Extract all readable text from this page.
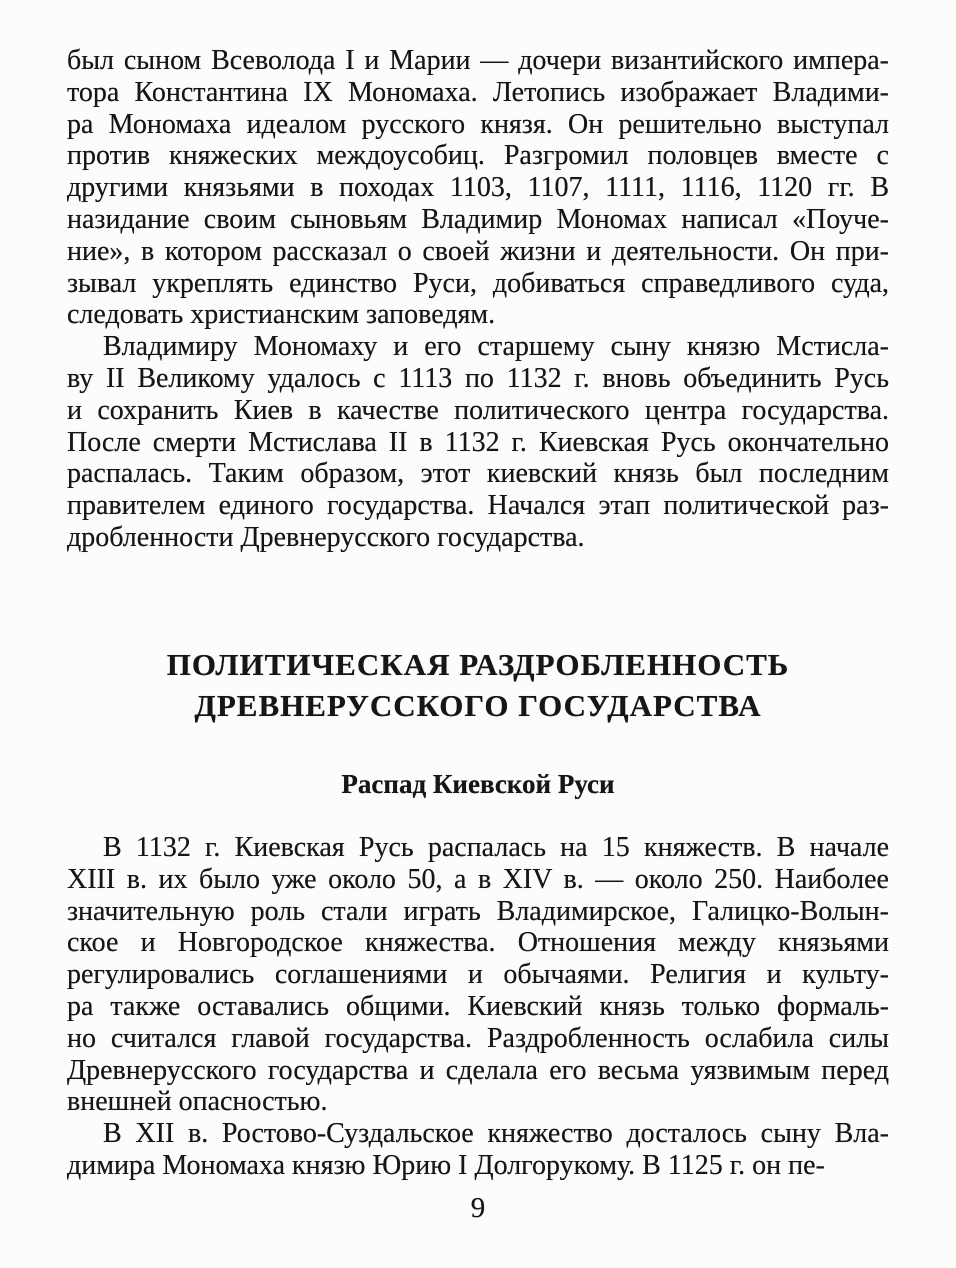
был сыном Всеволода I и Марии — дочери византийского импера-
тора Константина IX Мономаха. Летопись изображает Владими-
ра Мономаха идеалом русского князя. Он решительно выступал
против княжеских междоусобиц. Разгромил половцев вместе с
другими князьями в походах 1103, 1107, 1111, 1116, 1120 гг. В
назидание своим сыновьям Владимир Мономах написал «Поуче-
ние», в котором рассказал о своей жизни и деятельности. Он при-
зывал укреплять единство Руси, добиваться справедливого суда,
следовать христианским заповедям.
Владимиру Мономаху и его старшему сыну князю Мстисла-
ву II Великому удалось с 1113 по 1132 г. вновь объединить Русь
и сохранить Киев в качестве политического центра государства.
После смерти Мстислава II в 1132 г. Киевская Русь окончательно
распалась. Таким образом, этот киевский князь был последним
правителем единого государства. Начался этап политической раз-
дробленности Древнерусского государства.
ПОЛИТИЧЕСКАЯ РАЗДРОБЛЕННОСТЬ
ДРЕВНЕРУССКОГО ГОСУДАРСТВА
Распад Киевской Руси
В 1132 г. Киевская Русь распалась на 15 княжеств. В начале
XIII в. их было уже около 50, а в XIV в. — около 250. Наиболее
значительную роль стали играть Владимирское, Галицко-Волын-
ское и Новгородское княжества. Отношения между князьями
регулировались соглашениями и обычаями. Религия и культу-
ра также оставались общими. Киевский князь только формаль-
но считался главой государства. Раздробленность ослабила силы
Древнерусского государства и сделала его весьма уязвимым перед
внешней опасностью.
В XII в. Ростово-Суздальское княжество досталось сыну Вла-
димира Мономаха князю Юрию I Долгорукому. В 1125 г. он пе-
9
